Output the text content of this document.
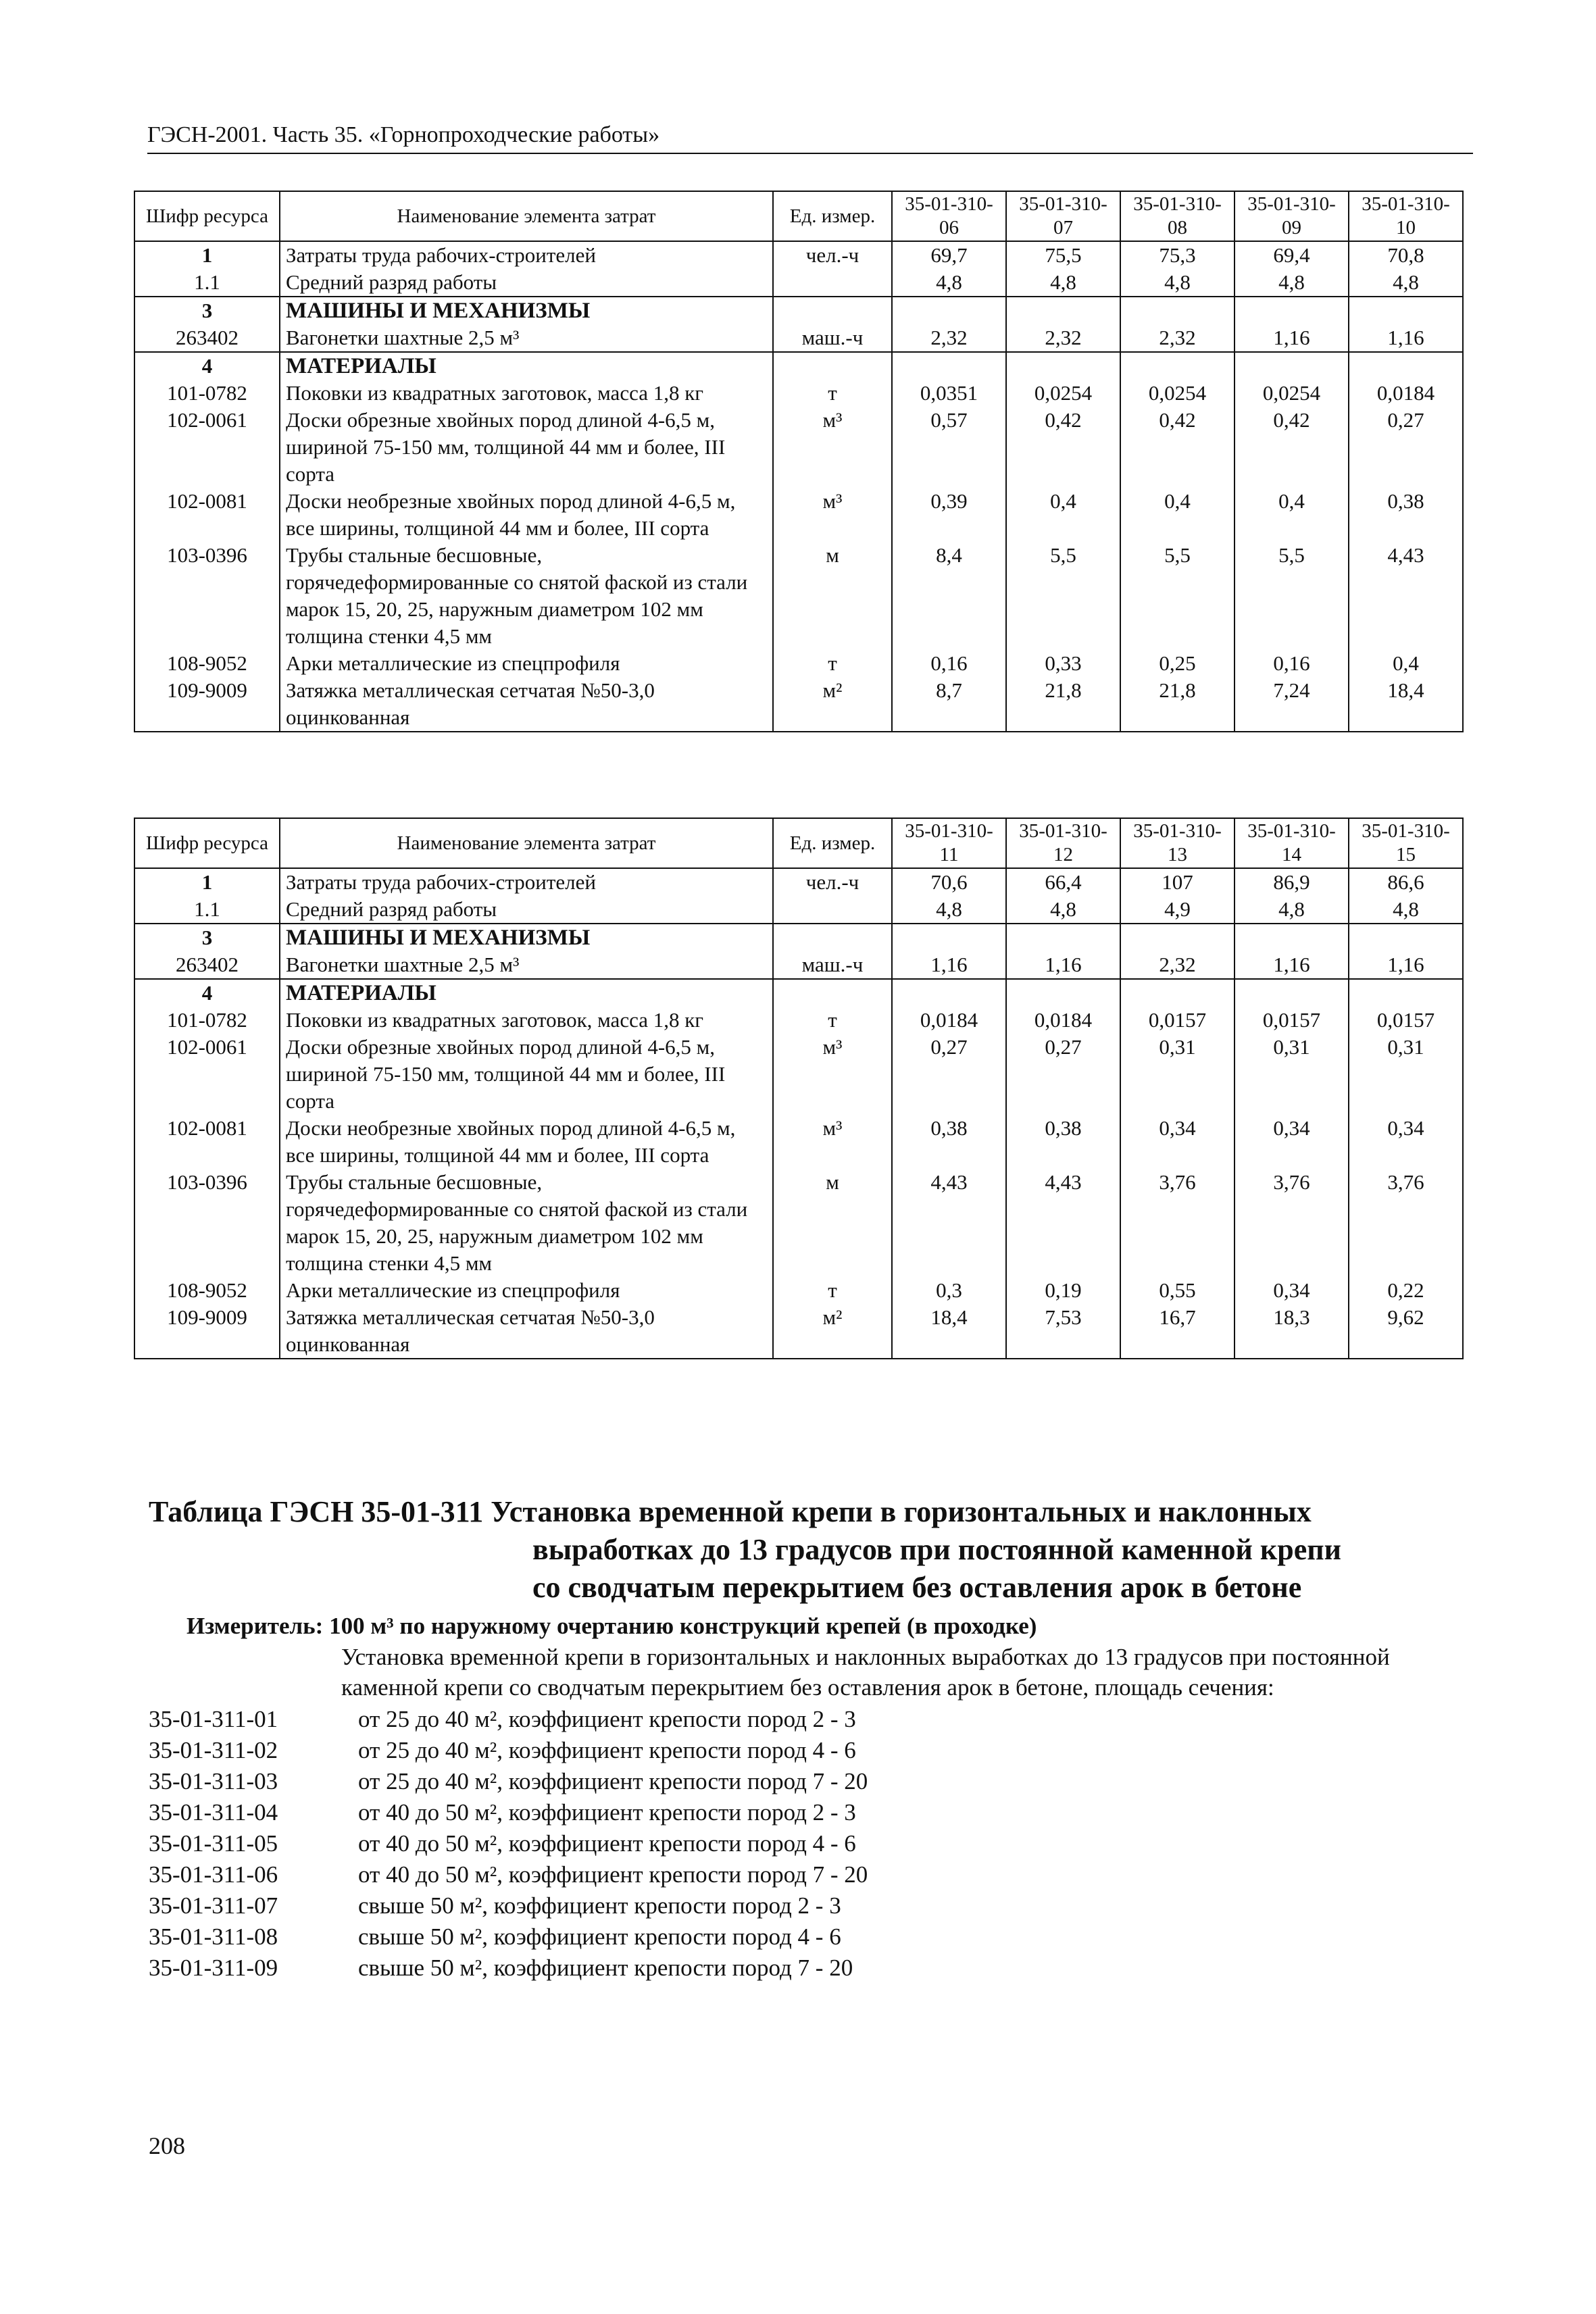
ГЭСН-2001. Часть 35. «Горнопроходческие работы»
Шифр ресурса	Наименование элемента затрат	Ед. измер.	35-01-310-06	35-01-310-07	35-01-310-08	35-01-310-09	35-01-310-10
1	Затраты труда рабочих-строителей	чел.-ч	69,7	75,5	75,3	69,4	70,8
1.1	Средний разряд работы		4,8	4,8	4,8	4,8	4,8
3	МАШИНЫ И МЕХАНИЗМЫ						
263402	Вагонетки шахтные 2,5 м³	маш.-ч	2,32	2,32	2,32	1,16	1,16
4	МАТЕРИАЛЫ						
101-0782	Поковки из квадратных заготовок, масса 1,8 кг	т	0,0351	0,0254	0,0254	0,0254	0,0184
102-0061	Доски обрезные хвойных пород длиной 4-6,5 м, шириной 75-150 мм, толщиной 44 мм и более, III сорта	м³	0,57	0,42	0,42	0,42	0,27
102-0081	Доски необрезные хвойных пород длиной 4-6,5 м, все ширины, толщиной 44 мм и более, III сорта	м³	0,39	0,4	0,4	0,4	0,38
103-0396	Трубы стальные бесшовные, горячедеформированные со снятой фаской из стали марок 15, 20, 25, наружным диаметром 102 мм толщина стенки 4,5 мм	м	8,4	5,5	5,5	5,5	4,43
108-9052	Арки металлические из спецпрофиля	т	0,16	0,33	0,25	0,16	0,4
109-9009	Затяжка металлическая сетчатая №50-3,0 оцинкованная	м²	8,7	21,8	21,8	7,24	18,4
Шифр ресурса	Наименование элемента затрат	Ед. измер.	35-01-310-11	35-01-310-12	35-01-310-13	35-01-310-14	35-01-310-15
1	Затраты труда рабочих-строителей	чел.-ч	70,6	66,4	107	86,9	86,6
1.1	Средний разряд работы		4,8	4,8	4,9	4,8	4,8
3	МАШИНЫ И МЕХАНИЗМЫ						
263402	Вагонетки шахтные 2,5 м³	маш.-ч	1,16	1,16	2,32	1,16	1,16
4	МАТЕРИАЛЫ						
101-0782	Поковки из квадратных заготовок, масса 1,8 кг	т	0,0184	0,0184	0,0157	0,0157	0,0157
102-0061	Доски обрезные хвойных пород длиной 4-6,5 м, шириной 75-150 мм, толщиной 44 мм и более, III сорта	м³	0,27	0,27	0,31	0,31	0,31
102-0081	Доски необрезные хвойных пород длиной 4-6,5 м, все ширины, толщиной 44 мм и более, III сорта	м³	0,38	0,38	0,34	0,34	0,34
103-0396	Трубы стальные бесшовные, горячедеформированные со снятой фаской из стали марок 15, 20, 25, наружным диаметром 102 мм толщина стенки 4,5 мм	м	4,43	4,43	3,76	3,76	3,76
108-9052	Арки металлические из спецпрофиля	т	0,3	0,19	0,55	0,34	0,22
109-9009	Затяжка металлическая сетчатая №50-3,0 оцинкованная	м²	18,4	7,53	16,7	18,3	9,62
Таблица ГЭСН 35-01-311 Установка временной крепи в горизонтальных и наклонных
выработках до 13 градусов при постоянной каменной крепи
со сводчатым перекрытием без оставления арок в бетоне
Измеритель: 100 м³ по наружному очертанию конструкций крепей (в проходке)
Установка временной крепи в горизонтальных и наклонных выработках до 13 градусов при постоянной каменной крепи со сводчатым перекрытием без оставления арок в бетоне, площадь сечения:
35-01-311-01	от 25 до 40 м², коэффициент крепости пород 2 - 3
35-01-311-02	от 25 до 40 м², коэффициент крепости пород 4 - 6
35-01-311-03	от 25 до 40 м², коэффициент крепости пород 7 - 20
35-01-311-04	от 40 до 50 м², коэффициент крепости пород 2 - 3
35-01-311-05	от 40 до 50 м², коэффициент крепости пород 4 - 6
35-01-311-06	от 40 до 50 м², коэффициент крепости пород 7 - 20
35-01-311-07	свыше 50 м², коэффициент крепости пород 2 - 3
35-01-311-08	свыше 50 м², коэффициент крепости пород 4 - 6
35-01-311-09	свыше 50 м², коэффициент крепости пород 7 - 20
208
